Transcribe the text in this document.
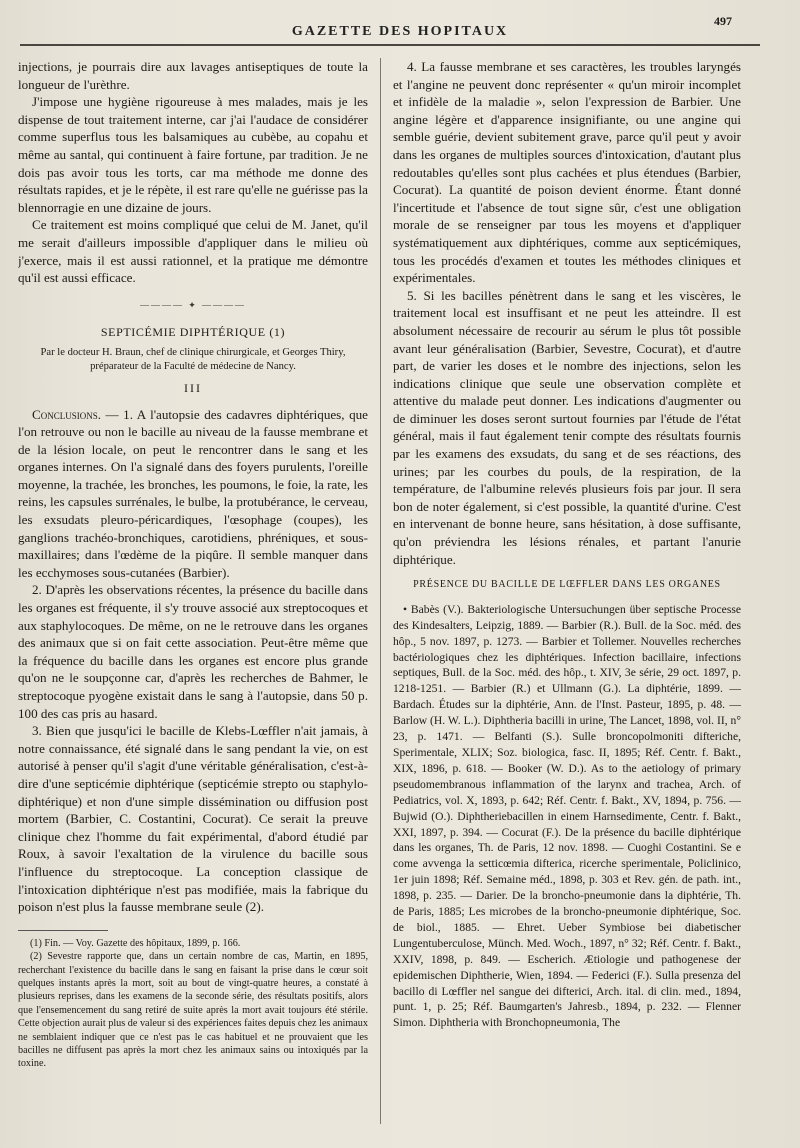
GAZETTE DES HOPITAUX
497

injections, je pourrais dire aux lavages antiseptiques de toute la longueur de l'urèthre.

J'impose une hygiène rigoureuse à mes malades, mais je les dispense de tout traitement interne, car j'ai l'audace de considérer comme superflus tous les balsamiques au cubèbe, au copahu et même au santal, qui continuent à faire fortune, par tradition. Je ne dois pas avoir tous les torts, car ma méthode me donne des résultats rapides, et je le répète, il est rare qu'elle ne guérisse pas la blennorragie en une dizaine de jours.

Ce traitement est moins compliqué que celui de M. Janet, qu'il me serait d'ailleurs impossible d'appliquer dans le milieu où j'exerce, mais il est aussi rationnel, et la pratique me démontre qu'il est aussi efficace.

———— ✦ ————

SEPTICÉMIE DIPHTÉRIQUE (1)

Par le docteur H. Braun, chef de clinique chirurgicale, et Georges Thiry, préparateur de la Faculté de médecine de Nancy.

III

Conclusions. — 1. A l'autopsie des cadavres diphtériques, que l'on retrouve ou non le bacille au niveau de la fausse membrane et de la lésion locale, on peut le rencontrer dans le sang et les organes internes. On l'a signalé dans des foyers purulents, l'oreille moyenne, la trachée, les bronches, les poumons, le foie, la rate, les reins, les capsules surrénales, le bulbe, la protubérance, le cerveau, les exsudats pleuro-péricardiques, l'œsophage (coupes), les ganglions trachéo-bronchiques, carotidiens, phréniques, et sous-maxillaires; dans l'œdème de la piqûre. Il semble manquer dans les ecchymoses sous-cutanées (Barbier).

2. D'après les observations récentes, la présence du bacille dans les organes est fréquente, il s'y trouve associé aux streptocoques et aux staphylocoques. De même, on ne le retrouve dans les organes des animaux que si on fait cette association. Peut-être même que la fréquence du bacille dans les organes est encore plus grande qu'on ne le soupçonne car, d'après les recherches de Bahmer, le streptocoque pyogène existait dans le sang à l'autopsie, dans 50 p. 100 des cas pris au hasard.

3. Bien que jusqu'ici le bacille de Klebs-Lœffler n'ait jamais, à notre connaissance, été signalé dans le sang pendant la vie, on est autorisé à penser qu'il s'agit d'une véritable généralisation, c'est-à-dire d'une septicémie diphtérique (septicémie strepto ou staphylo-diphtérique) et non d'une simple dissémination ou diffusion post mortem (Barbier, C. Costantini, Cocurat). Ce serait la preuve clinique chez l'homme du fait expérimental, d'abord étudié par Roux, à savoir l'exaltation de la virulence du bacille sous l'influence du streptocoque. La conception classique de l'intoxication diphtérique n'est pas modifiée, mais la fabrique du poison n'est plus la fausse membrane seule (2).

(1) Fin. — Voy. Gazette des hôpitaux, 1899, p. 166.

(2) Sevestre rapporte que, dans un certain nombre de cas, Martin, en 1895, recherchant l'existence du bacille dans le sang en faisant la prise dans le cœur soit quelques instants après la mort, soit au bout de vingt-quatre heures, a constaté à plusieurs reprises, dans les examens de la seconde série, des résultats positifs, alors que l'ensemencement du sang retiré de suite après la mort avait toujours été stérile. Cette objection aurait plus de valeur si des expériences faites depuis chez les animaux ne semblaient indiquer que ce n'est pas le cas habituel et ne prouvaient que les bacilles ne diffusent pas après la mort chez les animaux sains ou intoxiqués par la toxine.

4. La fausse membrane et ses caractères, les troubles laryngés et l'angine ne peuvent donc représenter « qu'un miroir incomplet et infidèle de la maladie », selon l'expression de Barbier. Une angine légère et d'apparence insignifiante, ou une angine qui semble guérie, devient subitement grave, parce qu'il peut y avoir dans les organes de multiples sources d'intoxication, d'autant plus redoutables qu'elles sont plus cachées et plus étendues (Barbier, Cocurat). La quantité de poison devient énorme. Étant donné l'incertitude et l'absence de tout signe sûr, c'est une obligation morale de se renseigner par tous les moyens et d'appliquer systématiquement aux diphtériques, comme aux septicémiques, tous les procédés d'examen et toutes les méthodes cliniques et expérimentales.

5. Si les bacilles pénètrent dans le sang et les viscères, le traitement local est insuffisant et ne peut les atteindre. Il est absolument nécessaire de recourir au sérum le plus tôt possible avant leur généralisation (Barbier, Sevestre, Cocurat), et d'autre part, de varier les doses et le nombre des injections, selon les indications clinique que seule une observation complète et attentive du malade peut donner. Les indications d'augmenter ou de diminuer les doses seront surtout fournies par l'étude de l'état général, mais il faut également tenir compte des résultats fournis par les examens des exsudats, du sang et de ses réactions, des urines; par les courbes du pouls, de la respiration, de la température, de l'albumine relevés plusieurs fois par jour. Il sera bon de noter également, si c'est possible, la quantité d'urine. C'est en intervenant de bonne heure, sans hésitation, à dose suffisante, qu'on préviendra les lésions rénales, et partant l'anurie diphtérique.

PRÉSENCE DU BACILLE DE LŒFFLER DANS LES ORGANES

• Babès (V.). Bakteriologische Untersuchungen über septische Processe des Kindesalters, Leipzig, 1889. — Barbier (R.). Bull. de la Soc. méd. des hôp., 5 nov. 1897, p. 1273. — Barbier et Tollemer. Nouvelles recherches bactériologiques chez les diphtériques. Infection bacillaire, infections septiques, Bull. de la Soc. méd. des hôp., t. XIV, 3e série, 29 oct. 1897, p. 1218-1251. — Barbier (R.) et Ullmann (G.). La diphtérie, 1899. — Bardach. Études sur la diphtérie, Ann. de l'Inst. Pasteur, 1895, p. 48. — Barlow (H. W. L.). Diphtheria bacilli in urine, The Lancet, 1898, vol. II, n° 23, p. 1471. — Belfanti (S.). Sulle broncopolmoniti difteriche, Sperimentale, XLIX; Soz. biologica, fasc. II, 1895; Réf. Centr. f. Bakt., XIX, 1896, p. 618. — Booker (W. D.). As to the aetiology of primary pseudomembranous inflammation of the larynx and trachea, Arch. of Pediatrics, vol. X, 1893, p. 642; Réf. Centr. f. Bakt., XV, 1894, p. 756. — Bujwid (O.). Diphtheriebacillen in einem Harnsedimente, Centr. f. Bakt., XXI, 1897, p. 394. — Cocurat (F.). De la présence du bacille diphtérique dans les organes, Th. de Paris, 12 nov. 1898. — Cuoghi Costantini. Se e come avvenga la setticœmia difterica, ricerche sperimentale, Policlinico, 1er juin 1898; Réf. Semaine méd., 1898, p. 303 et Rev. gén. de path. int., 1898, p. 235. — Darier. De la broncho-pneumonie dans la diphtérie, Th. de Paris, 1885; Les microbes de la broncho-pneumonie diphtérique, Soc. de biol., 1885. — Ehret. Ueber Symbiose bei diabetischer Lungentuberculose, Münch. Med. Woch., 1897, n° 32; Réf. Centr. f. Bakt., XXIV, 1898, p. 849. — Escherich. Ætiologie und pathogenese der epidemischen Diphtherie, Wien, 1894. — Federici (F.). Sulla presenza del bacillo di Lœffler nel sangue dei difterici, Arch. ital. di clin. med., 1894, punt. 1, p. 25; Réf. Baumgarten's Jahresb., 1894, p. 232. — Flenner Simon. Diphtheria with Bronchopneumonia, The
